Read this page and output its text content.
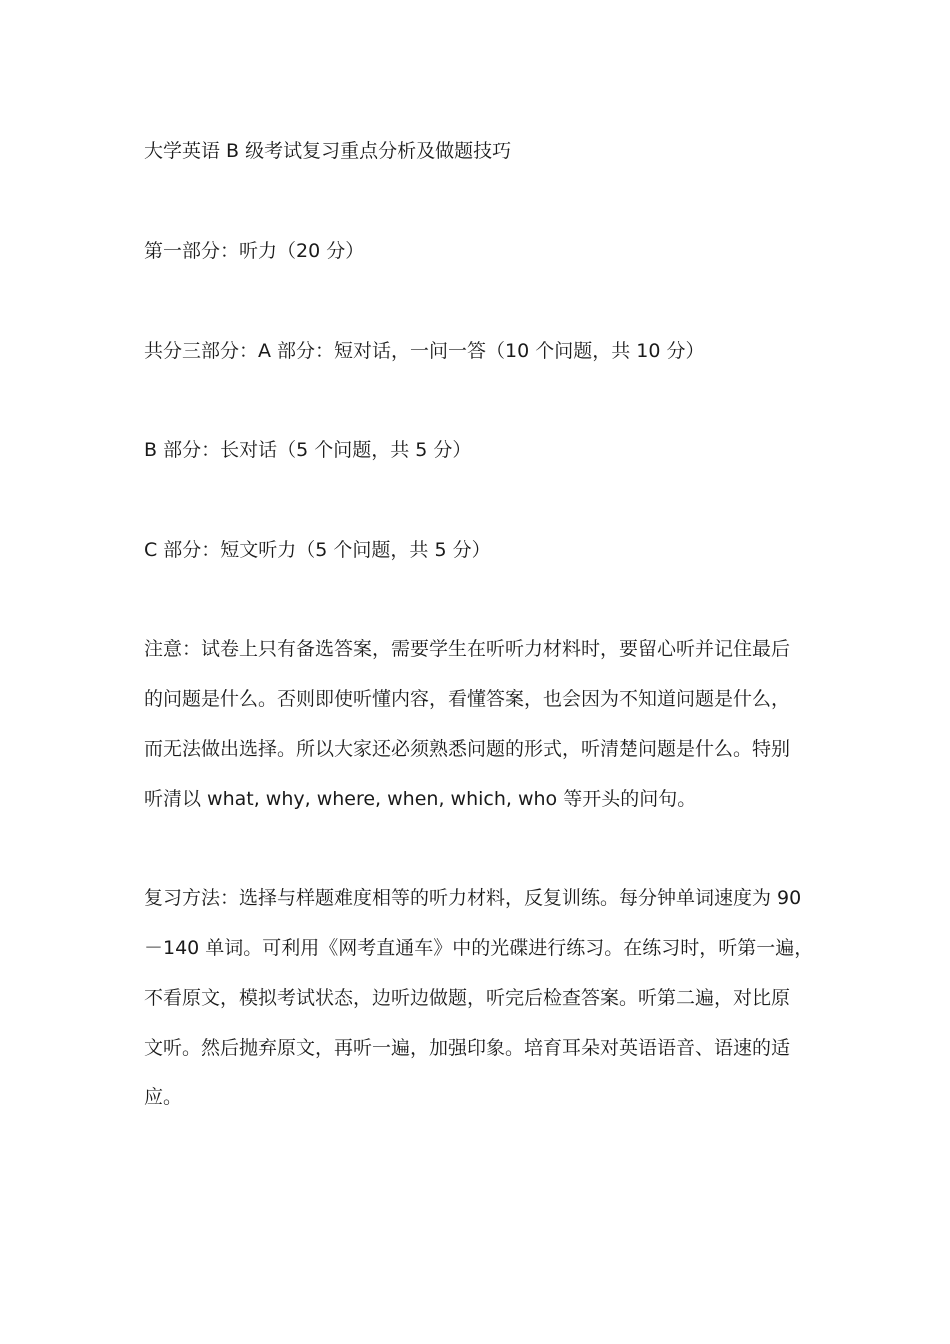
大学英语 B 级考试复习重点分析及做题技巧
第一部分：听力（20 分）
共分三部分：A 部分：短对话，一问一答（10 个问题，共 10 分）
B 部分：长对话（5 个问题，共 5 分）
C 部分：短文听力（5 个问题，共 5 分）
注意：试卷上只有备选答案，需要学生在听听力材料时，要留心听并记住最后
的问题是什么。否则即使听懂内容，看懂答案，也会因为不知道问题是什么，
而无法做出选择。所以大家还必须熟悉问题的形式，听清楚问题是什么。特别
听清以 what, why, where, when, which, who 等开头的问句。
复习方法：选择与样题难度相等的听力材料，反复训练。每分钟单词速度为 90
－140 单词。可利用《网考直通车》中的光碟进行练习。在练习时，听第一遍，
不看原文，模拟考试状态，边听边做题，听完后检查答案。听第二遍，对比原
文听。然后抛弃原文，再听一遍，加强印象。培育耳朵对英语语音、语速的适
应。
